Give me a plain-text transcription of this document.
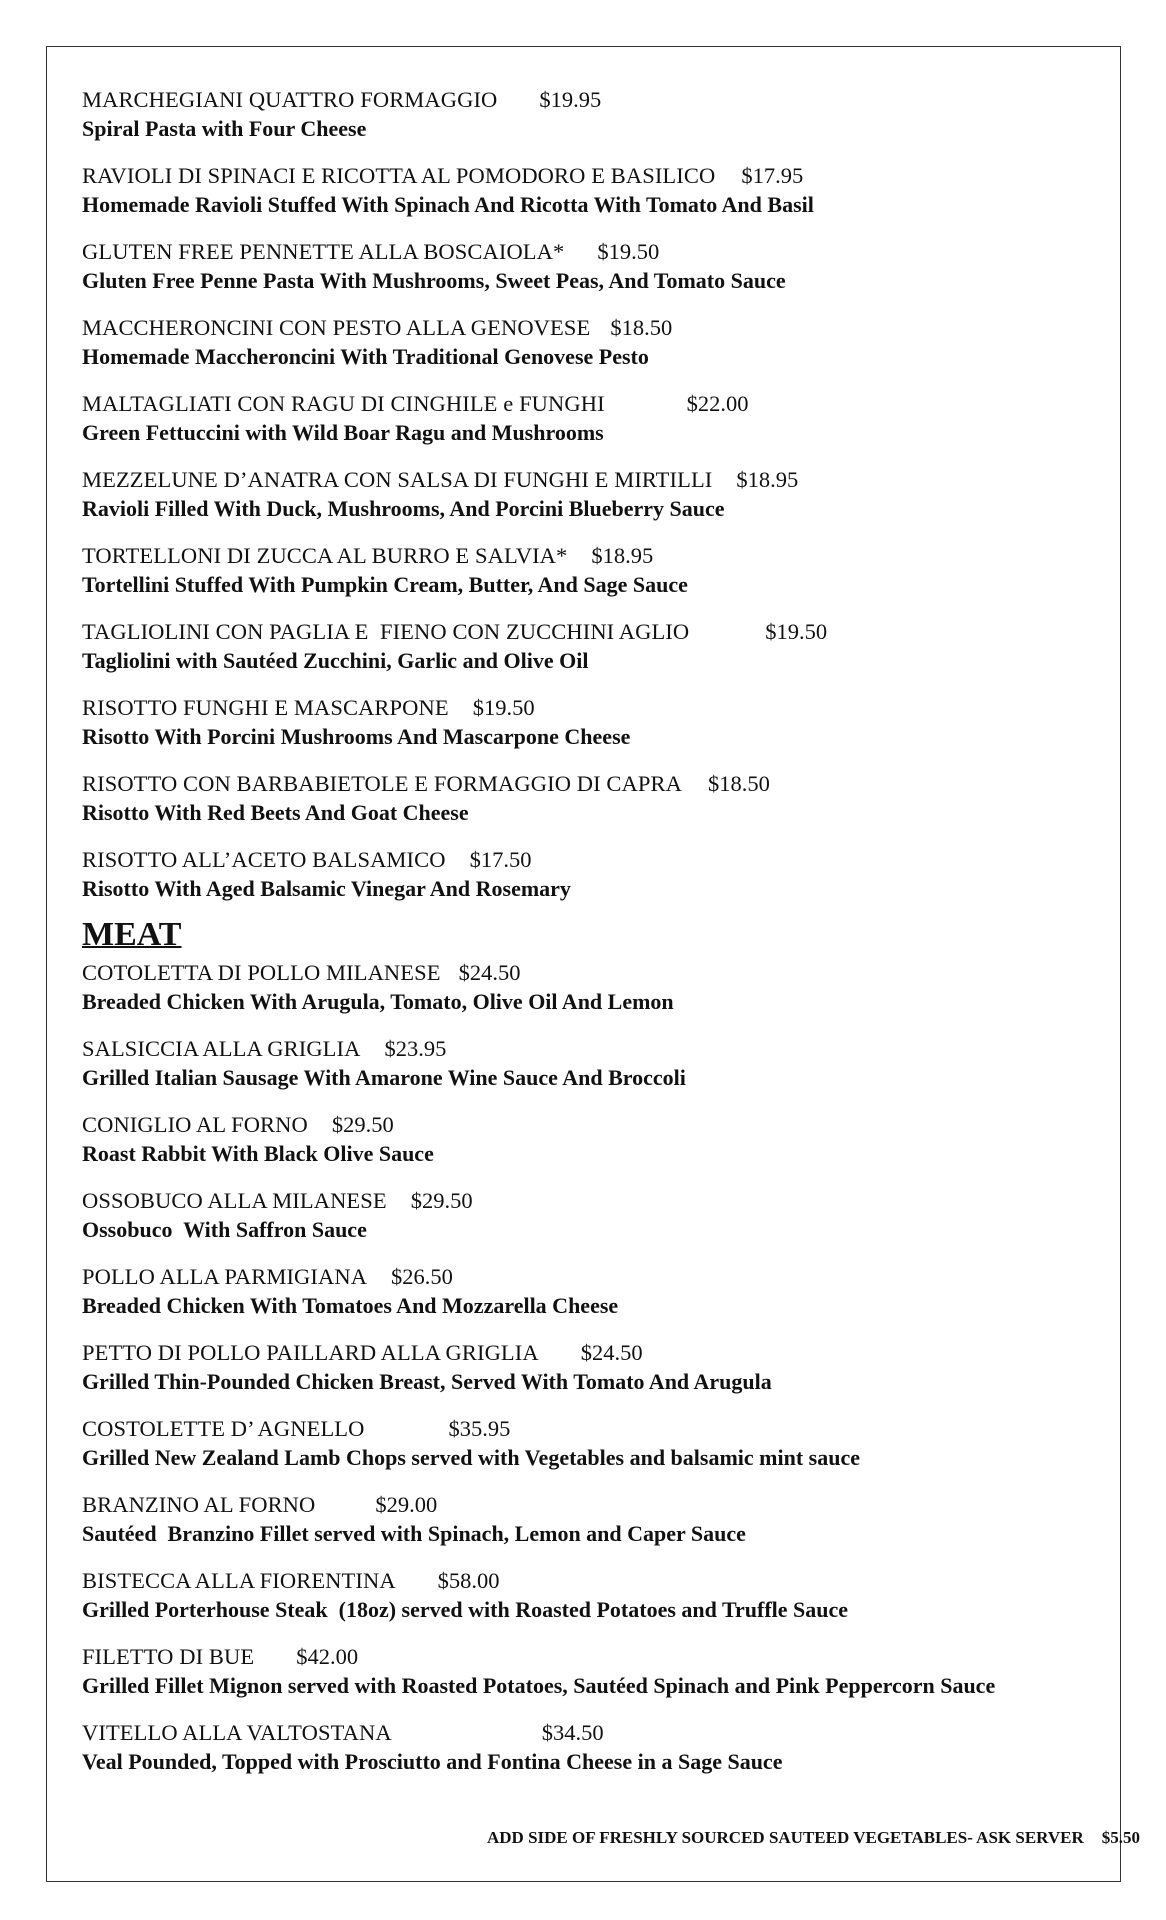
MARCHEGIANI QUATTRO FORMAGGIO $19.95
Spiral Pasta with Four Cheese
RAVIOLI DI SPINACI E RICOTTA AL POMODORO E BASILICO $17.95
Homemade Ravioli Stuffed With Spinach And Ricotta With Tomato And Basil
GLUTEN FREE PENNETTE ALLA BOSCAIOLA* $19.50
Gluten Free Penne Pasta With Mushrooms, Sweet Peas, And Tomato Sauce
MACCHERONCINI CON PESTO ALLA GENOVESE $18.50
Homemade Maccheroncini With Traditional Genovese Pesto
MALTAGLIATI CON RAGU DI CINGHILE e FUNGHI	$22.00
Green Fettuccini with Wild Boar Ragu and Mushrooms
MEZZELUNE D’ANATRA CON SALSA DI FUNGHI E MIRTILLI $18.95
Ravioli Filled With Duck, Mushrooms, And Porcini Blueberry Sauce
TORTELLONI DI ZUCCA AL BURRO E SALVIA* $18.95
Tortellini Stuffed With Pumpkin Cream, Butter, And Sage Sauce
TAGLIOLINI CON PAGLIA E  FIENO CON ZUCCHINI AGLIO	$19.50
Tagliolini with Sautéed Zucchini, Garlic and Olive Oil
RISOTTO FUNGHI E MASCARPONE $19.50
Risotto With Porcini Mushrooms And Mascarpone Cheese
RISOTTO CON BARBABIETOLE E FORMAGGIO DI CAPRA $18.50
Risotto With Red Beets And Goat Cheese
RISOTTO ALL’ACETO BALSAMICO $17.50
Risotto With Aged Balsamic Vinegar And Rosemary
MEAT
COTOLETTA DI POLLO MILANESE $24.50
Breaded Chicken With Arugula, Tomato, Olive Oil And Lemon
SALSICCIA ALLA GRIGLIA $23.95
Grilled Italian Sausage With Amarone Wine Sauce And Broccoli
CONIGLIO AL FORNO $29.50
Roast Rabbit With Black Olive Sauce
OSSOBUCO ALLA MILANESE $29.50
Ossobuco  With Saffron Sauce
POLLO ALLA PARMIGIANA $26.50
Breaded Chicken With Tomatoes And Mozzarella Cheese
PETTO DI POLLO PAILLARD ALLA GRIGLIA $24.50
Grilled Thin-Pounded Chicken Breast, Served With Tomato And Arugula
COSTOLETTE D’ AGNELLO	$35.95
Grilled New Zealand Lamb Chops served with Vegetables and balsamic mint sauce
BRANZINO AL FORNO	$29.00
Sautéed  Branzino Fillet served with Spinach, Lemon and Caper Sauce
BISTECCA ALLA FIORENTINA $58.00
Grilled Porterhouse Steak  (18oz) served with Roasted Potatoes and Truffle Sauce
FILETTO DI BUE $42.00
Grilled Fillet Mignon served with Roasted Potatoes, Sautéed Spinach and Pink Peppercorn Sauce
VITELLO ALLA VALTOSTANA	$34.50
Veal Pounded, Topped with Prosciutto and Fontina Cheese in a Sage Sauce
ADD SIDE OF FRESHLY SOURCED SAUTEED VEGETABLES- ASK SERVER $5.50
